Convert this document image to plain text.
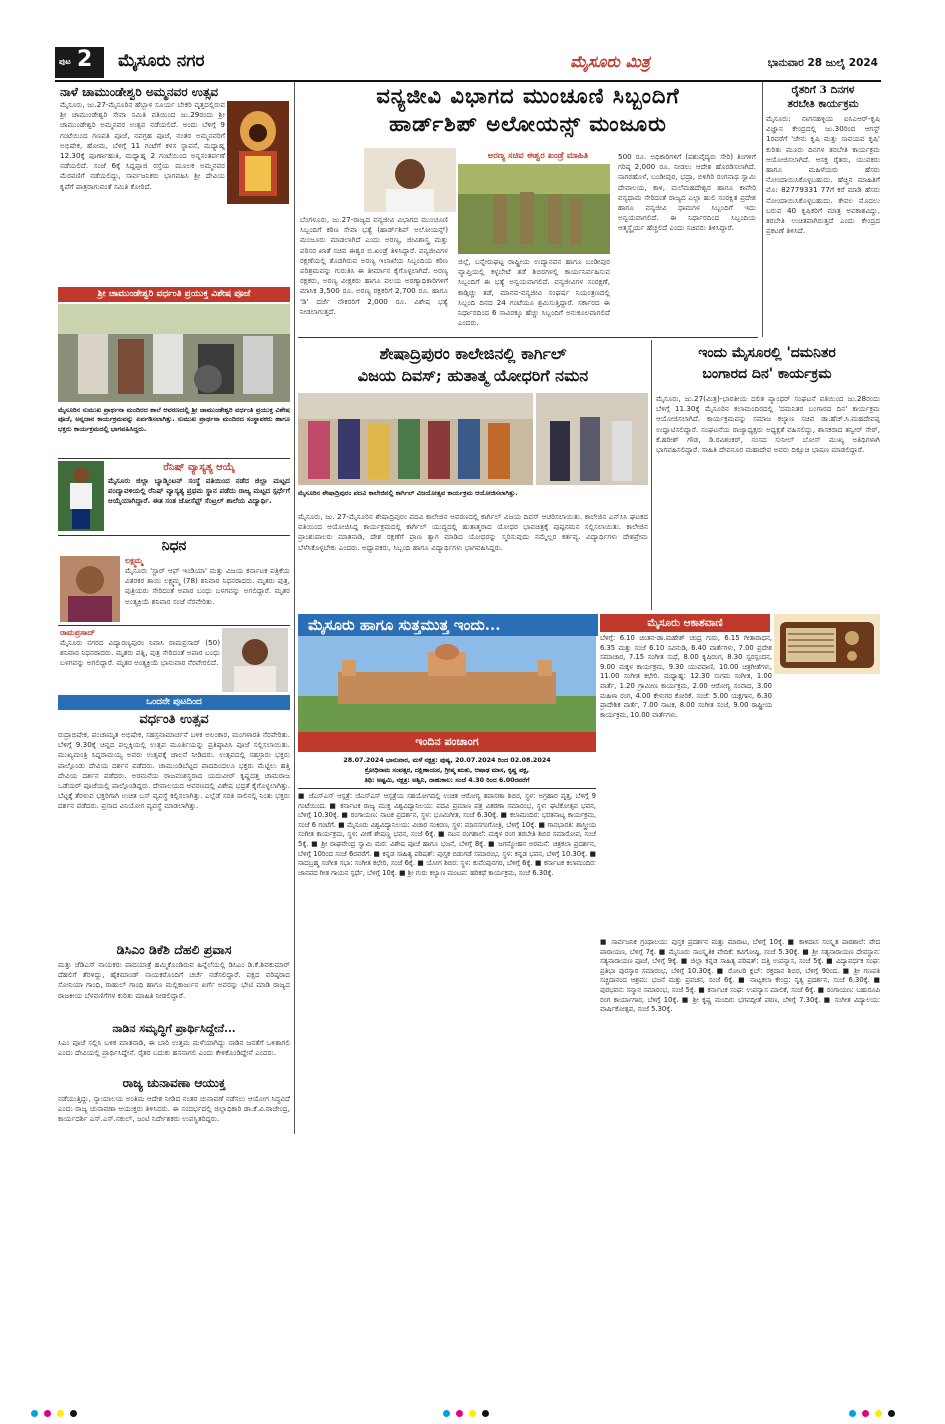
ಪುಟ 2 ಮೈಸೂರು ನಗರ	ಮೈಸೂರು ಮಿತ್ರ	ಭಾನುವಾರ 28 ಜುಲೈ 2024
ನಾಳೆ ಚಾಮುಂಡೇಶ್ವರಿ ಅಮ್ಮನವರ ಉತ್ಸವ
ಮೈಸೂರು, ಜು.27-ಮೈಸೂರಿನ ಹೆಬ್ಬಾಳ ಸೂರ್ಯ ಬೇಕರಿ ವೃತ್ತದಲ್ಲಿರುವ ಶ್ರೀ ಚಾಮುಂಡೇಶ್ವರಿ ಸೇವಾ ಸಮಿತಿ ವತಿಯಿಂದ ಜು.29ರಂದು ಶ್ರೀ ಚಾಮುಂಡೇಶ್ವರಿ ಅಮ್ಮನವರ ಉತ್ಸವ ನಡೆಯಲಿದೆ. ಅಂದು ಬೆಳಿಗ್ಗೆ 9 ಗಂಟೆಯಿಂದ ಗಣಪತಿ ಪೂಜೆ, ನವಗ್ರಹ ಪೂಜೆ, ನಂತರ ಅಮ್ಮನವರಿಗೆ ಅಭಿಷೇಕ, ಹೋಮ, ಬೆಳಿಗ್ಗೆ 11 ಗಂಟೆಗೆ ಕಳಸ ಸ್ಥಾಪನೆ, ಮಧ್ಯಾಹ್ನ 12.30ಕ್ಕೆ ಪೂರ್ಣಾಹುತಿ, ಮಧ್ಯಾಹ್ನ 2 ಗಂಟೆಯಿಂದ ಅನ್ನಸಂತರ್ಪಣೆ ನಡೆಯಲಿದೆ. ಸಂಜೆ 6ಕ್ಕೆ ಸಿದ್ದಪ್ಪಾಜಿ ರಸ್ತೆಯ ಮೂಲಕ ಅಮ್ಮನವರ ಮೆರವಣಿಗೆ ನಡೆಯಲಿದ್ದು, ಸಾರ್ವಜನಿಕರು ಭಾಗವಹಿಸಿ ಶ್ರೀ ದೇವಿಯ ಕೃಪೆಗೆ ಪಾತ್ರರಾಗುವಂತೆ ಸಮಿತಿ ಕೋರಿದೆ.
ಶ್ರೀ ಚಾಮುಂಡೇಶ್ವರಿ ವರ್ಧಂತಿ ಪ್ರಯುಕ್ತ ವಿಶೇಷ ಪೂಜೆ
ಮೈಸೂರಿನ ಸುಮುಖ ಪ್ರಾರ್ಥನಾ ಮಂದಿರದ ಶಾಲೆ ಆವರಣದಲ್ಲಿ ಶ್ರೀ ಚಾಮುಂಡೇಶ್ವರಿ ವರ್ಧಂತಿ ಪ್ರಯುಕ್ತ ವಿಶೇಷ ಪೂಜೆ, ಅನ್ನದಾನ ಕಾರ್ಯಕ್ರಮವನ್ನು ಏರ್ಪಡಿಸಲಾಗಿತ್ತು. ಸುಮುಖ ಪ್ರಾರ್ಥನಾ ಮಂದಿರದ ಸಂಸ್ಥಾಪಕರು ಹಾಗೂ ಭಕ್ತರು ಕಾರ್ಯಕ್ರಮದಲ್ಲಿ ಭಾಗವಹಿಸಿದ್ದರು.
ರೆನಿಷ್ ವ್ಯಾಸ್ಯತ್ಯ ಆಯ್ಕೆ
ಮೈಸೂರು ಜಿಲ್ಲಾ ಬ್ಯಾಡ್ಮಿಂಟನ್ ಸಂಸ್ಥೆ ವತಿಯಿಂದ ನಡೆದ ಜಿಲ್ಲಾ ಮಟ್ಟದ ಪಂದ್ಯಾವಳಿಯಲ್ಲಿ ರೆನಿಷ್ ವ್ಯಾಸ್ಯತ್ಯ ಪ್ರಥಮ ಸ್ಥಾನ ಪಡೆದು ರಾಜ್ಯ ಮಟ್ಟದ ಸ್ಪರ್ಧೆಗೆ ಆಯ್ಕೆಯಾಗಿದ್ದಾರೆ. ಈತ ಸಂತ ಜೋಸೆಫ್ಸ್ ಸೆಂಟ್ರಲ್ ಶಾಲೆಯ ವಿದ್ಯಾರ್ಥಿ.
ನಿಧನ
ಲಕ್ಷ್ಮಮ್ಮ
ಮೈಸೂರು 'ಸ್ಟಾರ್ ಆಫ್ ಇಂಡಿಯಾ' ಮತ್ತು ವಿಜಯ ಕರ್ನಾಟಕ ಪತ್ರಿಕೆಯ ವಿತರಕರ ತಾಯಿ ಲಕ್ಷ್ಮಮ್ಮ (78) ಶನಿವಾರ ನಿಧನರಾದರು. ಮೃತರು ಪುತ್ರ, ಪುತ್ರಿಯರು ಸೇರಿದಂತೆ ಅಪಾರ ಬಂಧು ಬಳಗವನ್ನು ಅಗಲಿದ್ದಾರೆ. ಮೃತರ ಅಂತ್ಯಕ್ರಿಯೆ ಶನಿವಾರ ಸಂಜೆ ನೆರವೇರಿತು.
ರಾಮಪ್ರಸಾದ್
ಮೈಸೂರು ನಗರದ ವಿದ್ಯಾರಣ್ಯಪುರಂ ನಿವಾಸಿ ರಾಮಪ್ರಸಾದ್ (50) ಶನಿವಾರ ನಿಧನರಾದರು. ಮೃತರು ಪತ್ನಿ, ಪುತ್ರ ಸೇರಿದಂತೆ ಅಪಾರ ಬಂಧು ಬಳಗವನ್ನು ಅಗಲಿದ್ದಾರೆ. ಮೃತರ ಅಂತ್ಯಕ್ರಿಯೆ ಭಾನುವಾರ ನೆರವೇರಲಿದೆ.
ಒಂದನೇ ಪುಟದಿಂದ
ವರ್ಧಂತಿ ಉತ್ಸವ
ರುದ್ರಾಭಿಷೇಕ, ಪಂಚಾಮೃತ ಅಭಿಷೇಕ, ಸಹಸ್ರನಾಮಾರ್ಚನೆ ಬಳಿಕ ಅಲಂಕಾರ, ಮಂಗಳಾರತಿ ನೆರವೇರಿತು. ಬೆಳಿಗ್ಗೆ 9.30ಕ್ಕೆ ಚಿನ್ನದ ಪಲ್ಲಕ್ಕಿಯಲ್ಲಿ ಉತ್ಸವ ಮೂರ್ತಿಯನ್ನು ಪ್ರತಿಷ್ಠಾಪಿಸಿ ಪೂಜೆ ಸಲ್ಲಿಸಲಾಯಿತು. ಮುಖ್ಯಮಂತ್ರಿ ಸಿದ್ದರಾಮಯ್ಯ ಅವರು ಉತ್ಸವಕ್ಕೆ ಚಾಲನೆ ನೀಡಿದರು. ಉತ್ಸವದಲ್ಲಿ ಸಹಸ್ರಾರು ಭಕ್ತರು ಪಾಲ್ಗೊಂಡು ದೇವಿಯ ದರ್ಶನ ಪಡೆದರು. ಚಾಮುಂಡಿಬೆಟ್ಟದ ಪಾದದಿಂದಲೂ ಭಕ್ತರು ಮೆಟ್ಟಿಲು ಹತ್ತಿ ದೇವಿಯ ದರ್ಶನ ಪಡೆದರು. ಅರಮನೆಯ ರಾಜವಂಶಸ್ಥರಾದ ಯದುವೀರ್ ಕೃಷ್ಣದತ್ತ ಚಾಮರಾಜ ಒಡೆಯರ್ ಪೂಜೆಯಲ್ಲಿ ಪಾಲ್ಗೊಂಡಿದ್ದರು. ದೇವಾಲಯದ ಆವರಣದಲ್ಲಿ ವಿಶೇಷ ಭದ್ರತೆ ಕೈಗೊಳ್ಳಲಾಗಿತ್ತು. ಬೆಟ್ಟಕ್ಕೆ ತೆರಳುವ ಭಕ್ತರಿಗಾಗಿ ಉಚಿತ ಬಸ್ ವ್ಯವಸ್ಥೆ ಕಲ್ಪಿಸಲಾಗಿತ್ತು. ಎಲ್ಲೆಡೆ ಸರತಿ ಸಾಲಿನಲ್ಲಿ ನಿಂತು ಭಕ್ತರು ದರ್ಶನ ಪಡೆದರು. ಪ್ರಸಾದ ವಿನಿಯೋಗ ವ್ಯವಸ್ಥೆ ಮಾಡಲಾಗಿತ್ತು.
ಡಿಸಿಎಂ ಡಿಕೆಶಿ ದೆಹಲಿ ಪ್ರವಾಸ
ಮತ್ತು ಜೆಡಿಎಸ್ ನಾಯಕರು ಪಾದಯಾತ್ರೆ ಹಮ್ಮಿಕೊಂಡಿರುವ ಹಿನ್ನೆಲೆಯಲ್ಲಿ ಡಿಸಿಎಂ ಡಿ.ಕೆ.ಶಿವಕುಮಾರ್ ದೆಹಲಿಗೆ ತೆರಳಿದ್ದು, ಹೈಕಮಾಂಡ್ ನಾಯಕರೊಂದಿಗೆ ಚರ್ಚೆ ನಡೆಸಲಿದ್ದಾರೆ. ಪಕ್ಷದ ವರಿಷ್ಠರಾದ ಸೋನಿಯಾ ಗಾಂಧಿ, ರಾಹುಲ್ ಗಾಂಧಿ ಹಾಗೂ ಮಲ್ಲಿಕಾರ್ಜುನ ಖರ್ಗೆ ಅವರನ್ನು ಭೇಟಿ ಮಾಡಿ ರಾಜ್ಯದ ರಾಜಕೀಯ ಬೆಳವಣಿಗೆಗಳ ಕುರಿತು ಮಾಹಿತಿ ನೀಡಲಿದ್ದಾರೆ.
ನಾಡಿನ ಸಮೃದ್ಧಿಗೆ ಪ್ರಾರ್ಥಿಸಿದ್ದೇನೆ...
ಸಿಎಂ ಪೂಜೆ ಸಲ್ಲಿಸಿ ಬಳಿಕ ಮಾತನಾಡಿ, ಈ ಬಾರಿ ಉತ್ತಮ ಮಳೆಯಾಗಿದ್ದು ನಾಡಿನ ಜನತೆಗೆ ಒಳಿತಾಗಲಿ ಎಂದು ದೇವಿಯಲ್ಲಿ ಪ್ರಾರ್ಥಿಸಿದ್ದೇನೆ. ರೈತರ ಬದುಕು ಹಸನಾಗಲಿ ಎಂದು ಕೇಳಿಕೊಂಡಿದ್ದೇನೆ ಎಂದರು.
ರಾಜ್ಯ ಚುನಾವಣಾ ಆಯುಕ್ತ
ನಡೆಯುತ್ತಿದ್ದು, ನ್ಯಾಯಾಲಯ ಅಂತಿಮ ಆದೇಶ ನೀಡಿದ ನಂತರ ಚುನಾವಣೆ ನಡೆಸಲು ಆಯೋಗ ಸಿದ್ಧವಿದೆ ಎಂದು ರಾಜ್ಯ ಚುನಾವಣಾ ಆಯುಕ್ತರು ತಿಳಿಸಿದರು. ಈ ಸಂದರ್ಭದಲ್ಲಿ ಜಿಲ್ಲಾಧಿಕಾರಿ ಡಾ.ಕೆ.ವಿ.ರಾಜೇಂದ್ರ, ಕಾರ್ಯದರ್ಶಿ ಎಸ್.ಎಸ್.ನಕುಲ್, ಜಂಟಿ ನಿರ್ದೇಶಕರು ಉಪಸ್ಥಿತರಿದ್ದರು.
ವನ್ಯಜೀವಿ ವಿಭಾಗದ ಮುಂಚೂಣಿ ಸಿಬ್ಬಂದಿಗೆ
ಹಾರ್ಡ್‌ಶಿಪ್ ಅಲೋಯನ್ಸ್ ಮಂಜೂರು
ಅರಣ್ಯ ಸಚಿವ ಈಶ್ವರ ಖಂಡ್ರೆ ಮಾಹಿತಿ
ಬೆಂಗಳೂರು, ಜು.27-ರಾಜ್ಯದ ವನ್ಯಜೀವಿ ವಿಭಾಗದ ಮುಂಚೂಣಿ ಸಿಬ್ಬಂದಿಗೆ ಕಠಿಣ ಸೇವಾ ಭತ್ಯೆ (ಹಾರ್ಡ್‌ಶಿಪ್ ಅಲೋಯನ್ಸ್) ಮಂಜೂರು ಮಾಡಲಾಗಿದೆ ಎಂದು ಅರಣ್ಯ, ಜೀವಿಶಾಸ್ತ್ರ ಮತ್ತು ಪರಿಸರ ಖಾತೆ ಸಚಿವ ಈಶ್ವರ ಬಿ.ಖಂಡ್ರೆ ತಿಳಿಸಿದ್ದಾರೆ. ವನ್ಯಜೀವಿಗಳ ರಕ್ಷಣೆಯಲ್ಲಿ ತೊಡಗಿರುವ ಅರಣ್ಯ ಇಲಾಖೆಯ ಸಿಬ್ಬಂದಿಯ ಕಠಿಣ ಪರಿಶ್ರಮವನ್ನು ಗುರುತಿಸಿ ಈ ತೀರ್ಮಾನ ಕೈಗೊಳ್ಳಲಾಗಿದೆ. ಅರಣ್ಯ ರಕ್ಷಕರು, ಅರಣ್ಯ ವೀಕ್ಷಕರು ಹಾಗೂ ವಲಯ ಅರಣ್ಯಾಧಿಕಾರಿಗಳಿಗೆ ಮಾಸಿಕ 3,500 ರೂ. ಅರಣ್ಯ ರಕ್ಷಕರಿಗೆ 2,700 ರೂ. ಹಾಗೂ 'ಡಿ' ದರ್ಜೆ ನೌಕರರಿಗೆ 2,000 ರೂ. ವಿಶೇಷ ಭತ್ಯೆ ನೀಡಲಾಗುತ್ತದೆ.
ಜಿಲ್ಲೆ, ಬನ್ನೇರುಘಟ್ಟ ರಾಷ್ಟ್ರೀಯ ಉದ್ಯಾನವನ ಹಾಗೂ ಬಂಡೀಪುರ ವ್ಯಾಪ್ತಿಯಲ್ಲಿ ಕಳ್ಳಬೇಟೆ ತಡೆ ಶಿಬಿರಗಳಲ್ಲಿ ಕಾರ್ಯನಿರ್ವಹಿಸುವ ಸಿಬ್ಬಂದಿಗೆ ಈ ಭತ್ಯೆ ಅನ್ವಯವಾಗಲಿದೆ. ವನ್ಯಜೀವಿಗಳ ಸಂರಕ್ಷಣೆ, ಕಾಡ್ಗಿಚ್ಚು ತಡೆ, ಮಾನವ-ವನ್ಯಜೀವಿ ಸಂಘರ್ಷ ನಿಯಂತ್ರಣದಲ್ಲಿ ಸಿಬ್ಬಂದಿ ದಿನದ 24 ಗಂಟೆಯೂ ಶ್ರಮಿಸುತ್ತಿದ್ದಾರೆ. ಸರ್ಕಾರದ ಈ ನಿರ್ಧಾರದಿಂದ 6 ಸಾವಿರಕ್ಕೂ ಹೆಚ್ಚು ಸಿಬ್ಬಂದಿಗೆ ಅನುಕೂಲವಾಗಲಿದೆ ಎಂದರು.
500 ರೂ. ಅಧಿಕಾರಿಗಳಿಗೆ (ಪಶುವೈದ್ಯರು ಸೇರಿ) ತಿಂಗಳಿಗೆ ಗರಿಷ್ಠ 2,000 ರೂ. ನೀಡಲು ಆದೇಶ ಹೊರಡಿಸಲಾಗಿದೆ. ನಾಗರಹೊಳೆ, ಬಂಡೀಪುರ, ಭದ್ರಾ, ಬಿಳಿಗಿರಿ ರಂಗನಾಥ ಸ್ವಾಮಿ ದೇವಾಲಯ, ಕಾಳಿ, ಮಲೆಮಹದೇಶ್ವರ ಹಾಗೂ ಕಾವೇರಿ ವನ್ಯಧಾಮ ಸೇರಿದಂತೆ ರಾಜ್ಯದ ಎಲ್ಲಾ ಹುಲಿ ಸಂರಕ್ಷಿತ ಪ್ರದೇಶ ಹಾಗೂ ವನ್ಯಜೀವಿ ಧಾಮಗಳ ಸಿಬ್ಬಂದಿಗೆ ಇದು ಅನ್ವಯವಾಗಲಿದೆ. ಈ ನಿರ್ಧಾರದಿಂದ ಸಿಬ್ಬಂದಿಯ ಆತ್ಮಸ್ಥೈರ್ಯ ಹೆಚ್ಚಲಿದೆ ಎಂದು ಸಚಿವರು ತಿಳಿಸಿದ್ದಾರೆ.
ಶೇಷಾದ್ರಿಪುರಂ ಕಾಲೇಜಿನಲ್ಲಿ ಕಾರ್ಗಿಲ್
ವಿಜಯ ದಿವಸ್; ಹುತಾತ್ಮ ಯೋಧರಿಗೆ ನಮನ
ಮೈಸೂರಿನ ಶೇಷಾದ್ರಿಪುರಂ ಪದವಿ ಕಾಲೇಜಿನಲ್ಲಿ ಕಾರ್ಗಿಲ್ ವಿಜಯೋತ್ಸವ ಕಾರ್ಯಕ್ರಮ ಆಯೋಜಿಸಲಾಗಿತ್ತು.
ಮೈಸೂರು, ಜು. 27-ಮೈಸೂರಿನ ಶೇಷಾದ್ರಿಪುರಂ ಪದವಿ ಕಾಲೇಜಿನ ಆವರಣದಲ್ಲಿ ಕಾರ್ಗಿಲ್ ವಿಜಯ ದಿವಸ್ ಆಚರಿಸಲಾಯಿತು. ಕಾಲೇಜಿನ ಎನ್‌ಸಿಸಿ ಘಟಕದ ವತಿಯಿಂದ ಆಯೋಜಿಸಿದ್ದ ಕಾರ್ಯಕ್ರಮದಲ್ಲಿ ಕಾರ್ಗಿಲ್ ಯುದ್ಧದಲ್ಲಿ ಹುತಾತ್ಮರಾದ ಯೋಧರ ಭಾವಚಿತ್ರಕ್ಕೆ ಪುಷ್ಪನಮನ ಸಲ್ಲಿಸಲಾಯಿತು. ಕಾಲೇಜಿನ ಪ್ರಾಂಶುಪಾಲರು ಮಾತನಾಡಿ, ದೇಶ ರಕ್ಷಣೆಗೆ ಪ್ರಾಣ ತ್ಯಾಗ ಮಾಡಿದ ಯೋಧರನ್ನು ಸ್ಮರಿಸುವುದು ನಮ್ಮೆಲ್ಲರ ಕರ್ತವ್ಯ. ವಿದ್ಯಾರ್ಥಿಗಳು ದೇಶಪ್ರೇಮ ಬೆಳೆಸಿಕೊಳ್ಳಬೇಕು ಎಂದರು. ಅಧ್ಯಾಪಕರು, ಸಿಬ್ಬಂದಿ ಹಾಗೂ ವಿದ್ಯಾರ್ಥಿಗಳು ಭಾಗವಹಿಸಿದ್ದರು.
ರೈತರಿಗೆ 3 ದಿನಗಳ
ತರಬೇತಿ ಕಾರ್ಯಕ್ರಮ
ಮೈಸೂರು: ನಾಗನಹಳ್ಳಿಯ ಐಸಿಎಆರ್-ಕೃಷಿ ವಿಜ್ಞಾನ ಕೇಂದ್ರದಲ್ಲಿ ಜು.30ರಿಂದ ಆಗಸ್ಟ್ 1ರವರೆಗೆ 'ಜೇನು ಕೃಷಿ ಮತ್ತು ಸಾವಯವ ಕೃಷಿ' ಕುರಿತು ಮೂರು ದಿನಗಳ ತರಬೇತಿ ಕಾರ್ಯಕ್ರಮ ಆಯೋಜಿಸಲಾಗಿದೆ. ಆಸಕ್ತ ರೈತರು, ಯುವಕರು ಹಾಗೂ ಮಹಿಳೆಯರು ಹೆಸರು ನೋಂದಾಯಿಸಿಕೊಳ್ಳಬಹುದು. ಹೆಚ್ಚಿನ ಮಾಹಿತಿಗೆ ಮೊ: 82779331 77ಗೆ ಕರೆ ಮಾಡಿ ಹೆಸರು ನೋಂದಾಯಿಸಿಕೊಳ್ಳಬಹುದು. ಕೇವಲ ಮೊದಲು ಬರುವ 40 ಕೃಷಿಕರಿಗೆ ಮಾತ್ರ ಅವಕಾಶವಿದ್ದು, ತರಬೇತಿ ಉಚಿತವಾಗಿರುತ್ತದೆ ಎಂದು ಕೇಂದ್ರದ ಪ್ರಕಟಣೆ ತಿಳಿಸಿದೆ.
ಇಂದು ಮೈಸೂರಲ್ಲಿ 'ದಮನಿತರ
ಬಂಗಾರದ ದಿನ' ಕಾರ್ಯಕ್ರಮ
ಮೈಸೂರು, ಜು.27(ಮಿತ್ರ)-ಭಾರತೀಯ ದಲಿತ ಪ್ಯಾಂಥರ್ ಸಂಘಟನೆ ವತಿಯಿಂದ ಜು.28ರಂದು ಬೆಳಿಗ್ಗೆ 11.30ಕ್ಕೆ ಮೈಸೂರಿನ ಕಲಾಮಂದಿರದಲ್ಲಿ 'ದಮನಿತರ ಬಂಗಾರದ ದಿನ' ಕಾರ್ಯಕ್ರಮ ಆಯೋಜಿಸಲಾಗಿದೆ. ಕಾರ್ಯಕ್ರಮವನ್ನು ಸಮಾಜ ಕಲ್ಯಾಣ ಸಚಿವ ಡಾ.ಹೆಚ್.ಸಿ.ಮಹದೇವಪ್ಪ ಉದ್ಘಾಟಿಸಲಿದ್ದಾರೆ. ಸಂಘಟನೆಯ ರಾಜ್ಯಾಧ್ಯಕ್ಷರು ಅಧ್ಯಕ್ಷತೆ ವಹಿಸಲಿದ್ದು, ಶಾಸಕರಾದ ತನ್ವೀರ್ ಸೇಠ್, ಕೆ.ಹರೀಶ್ ಗೌಡ, ಡಿ.ರವಿಶಂಕರ್, ಸಂಸದ ಸುನೀಲ್ ಬೋಸ್ ಮುಖ್ಯ ಅತಿಥಿಗಳಾಗಿ ಭಾಗವಹಿಸಲಿದ್ದಾರೆ. ಸಾಹಿತಿ ದೇವನೂರ ಮಹಾದೇವ ಅವರು ದಿಕ್ಸೂಚಿ ಭಾಷಣ ಮಾಡಲಿದ್ದಾರೆ.
ಮೈಸೂರು ಹಾಗೂ ಸುತ್ತಮುತ್ತ ಇಂದು...
ಇಂದಿನ ಪಂಚಾಂಗ
28.07.2024 ಭಾನುವಾರ, ಮಳೆ ನಕ್ಷತ್ರ: ಪುಷ್ಯ, 20.07.2024 ರಿಂದ 02.08.2024
ಕ್ರೋಧಿನಾಮ ಸಂವತ್ಸರ, ದಕ್ಷಿಣಾಯನ, ಗ್ರೀಷ್ಮ ಋತು, ಆಷಾಢ ಮಾಸ, ಕೃಷ್ಣ ಪಕ್ಷ,
ತಿಥಿ: ಅಷ್ಟಮಿ, ನಕ್ಷತ್ರ: ಅಶ್ವಿನಿ, ರಾಹುಕಾಲ: ಸಂಜೆ 4.30 ರಿಂದ 6.00ರವರೆಗೆ
■ ಜೆಎಸ್‌ಎಸ್ ಆಸ್ಪತ್ರೆ: ಜೆಎಸ್‌ಎಸ್ ಆಸ್ಪತ್ರೆಯ ಸಹಯೋಗದಲ್ಲಿ ಉಚಿತ ಆರೋಗ್ಯ ತಪಾಸಣಾ ಶಿಬಿರ, ಸ್ಥಳ: ಅಗ್ರಹಾರ ವೃತ್ತ, ಬೆಳಿಗ್ಗೆ 9 ಗಂಟೆಯಿಂದ. ■ ಕರ್ನಾಟಕ ರಾಜ್ಯ ಮುಕ್ತ ವಿಶ್ವವಿದ್ಯಾನಿಲಯ: ಪದವಿ ಪ್ರಮಾಣ ಪತ್ರ ವಿತರಣಾ ಸಮಾರಂಭ, ಸ್ಥಳ: ಘಟಿಕೋತ್ಸವ ಭವನ, ಬೆಳಿಗ್ಗೆ 10.30ಕ್ಕೆ. ■ ರಂಗಾಯಣ: ನಾಟಕ ಪ್ರದರ್ಶನ, ಸ್ಥಳ: ಭೂಮಿಗೀತ, ಸಂಜೆ 6.30ಕ್ಕೆ. ■ ಕಲಾಮಂದಿರ: ಭರತನಾಟ್ಯ ಕಾರ್ಯಕ್ರಮ, ಸಂಜೆ 6 ಗಂಟೆಗೆ. ■ ಮೈಸೂರು ವಿಶ್ವವಿದ್ಯಾನಿಲಯ: ವಿಚಾರ ಸಂಕಿರಣ, ಸ್ಥಳ: ಮಾನಸಗಂಗೋತ್ರಿ, ಬೆಳಿಗ್ಗೆ 10ಕ್ಕೆ. ■ ಗಾನಭಾರತಿ: ಶಾಸ್ತ್ರೀಯ ಸಂಗೀತ ಕಾರ್ಯಕ್ರಮ, ಸ್ಥಳ: ವೀಣೆ ಶೇಷಣ್ಣ ಭವನ, ಸಂಜೆ 6ಕ್ಕೆ. ■ ನಟನ ರಂಗಶಾಲೆ: ಮಕ್ಕಳ ರಂಗ ತರಬೇತಿ ಶಿಬಿರ ಸಮಾರೋಪ, ಸಂಜೆ 5ಕ್ಕೆ. ■ ಶ್ರೀ ರಾಘವೇಂದ್ರ ಸ್ವಾಮಿ ಮಠ: ವಿಶೇಷ ಪೂಜೆ ಹಾಗೂ ಭಜನೆ, ಬೆಳಿಗ್ಗೆ 8ಕ್ಕೆ. ■ ಜಗನ್ಮೋಹನ ಅರಮನೆ: ಚಿತ್ರಕಲಾ ಪ್ರದರ್ಶನ, ಬೆಳಿಗ್ಗೆ 10ರಿಂದ ಸಂಜೆ 6ರವರೆಗೆ. ■ ಕನ್ನಡ ಸಾಹಿತ್ಯ ಪರಿಷತ್: ಪುಸ್ತಕ ಬಿಡುಗಡೆ ಸಮಾರಂಭ, ಸ್ಥಳ: ಕನ್ನಡ ಭವನ, ಬೆಳಿಗ್ಗೆ 10.30ಕ್ಕೆ. ■ ನಾದಬ್ರಹ್ಮ ಸಂಗೀತ ಸಭಾ: ಸಂಗೀತ ಕಛೇರಿ, ಸಂಜೆ 6ಕ್ಕೆ. ■ ಯೋಗ ಶಿಬಿರ: ಸ್ಥಳ: ಕುವೆಂಪುನಗರ, ಬೆಳಿಗ್ಗೆ 6ಕ್ಕೆ. ■ ಕರ್ನಾಟಕ ಕಲಾಮಂದಿರ: ಜಾನಪದ ಗೀತ ಗಾಯನ ಸ್ಪರ್ಧೆ, ಬೆಳಿಗ್ಗೆ 10ಕ್ಕೆ. ■ ಶ್ರೀ ಗುರು ಕಲ್ಯಾಣ ಮಂಟಪ: ಹರಿಕಥೆ ಕಾರ್ಯಕ್ರಮ, ಸಂಜೆ 6.30ಕ್ಕೆ.
ಮೈಸೂರು ಆಕಾಶವಾಣಿ
ಬೆಳಿಗ್ಗೆ: 6.10 ಚಿಂತನ-ಡಾ.ಮಹೇಶ್ ಚಂದ್ರ ಗುರು, 6.15 ಗೀತಾರಾಧನ, 6.35 ಮತ್ತು ಸಂಜೆ 6.10 ಸವಿನುಡಿ, 6.40 ವಾರ್ತೆಗಳು, 7.00 ಪ್ರದೇಶ ಸಮಾಚಾರ, 7.15 ಸಂಗೀತ ಸುಧೆ, 8.00 ಕೃಷಿರಂಗ, 8.30 ಸ್ವರಸ್ಪಂದನ, 9.00 ಮಕ್ಕಳ ಕಾರ್ಯಕ್ರಮ, 9.30 ಯುವವಾಣಿ, 10.00 ಚಿತ್ರಗೀತೆಗಳು, 11.00 ಸಂಗೀತ ಕಛೇರಿ. ಮಧ್ಯಾಹ್ನ: 12.30 ಸುಗಮ ಸಂಗೀತ, 1.00 ವಾರ್ತೆ, 1.20 ಗ್ರಾಮೀಣ ಕಾರ್ಯಕ್ರಮ, 2.00 ಆರೋಗ್ಯ ಸಂವಾದ, 3.00 ಮಹಿಳಾ ರಂಗ, 4.00 ಕೇಳುಗರ ಕೋರಿಕೆ. ಸಂಜೆ: 5.00 ಯಕ್ಷಗಾನ, 6.30 ಪ್ರಾದೇಶಿಕ ವಾರ್ತೆ, 7.00 ನಾಟಕ, 8.00 ಸಂಗೀತ ಸಂಜೆ, 9.00 ರಾಷ್ಟ್ರೀಯ ಕಾರ್ಯಕ್ರಮ, 10.00 ವಾರ್ತೆಗಳು.
■ ಸಾರ್ವಜನಿಕ ಗ್ರಂಥಾಲಯ: ಪುಸ್ತಕ ಪ್ರದರ್ಶನ ಮತ್ತು ಮಾರಾಟ, ಬೆಳಿಗ್ಗೆ 10ಕ್ಕೆ. ■ ಕಾಳಿದಾಸ ಸಂಸ್ಕೃತ ಪಾಠಶಾಲೆ: ವೇದ ಪಾರಾಯಣ, ಬೆಳಿಗ್ಗೆ 7ಕ್ಕೆ. ■ ಮೈಸೂರು ಸಾಂಸ್ಕೃತಿಕ ವೇದಿಕೆ: ಕವಿಗೋಷ್ಠಿ, ಸಂಜೆ 5.30ಕ್ಕೆ. ■ ಶ್ರೀ ಸತ್ಯನಾರಾಯಣ ದೇವಸ್ಥಾನ: ಸತ್ಯನಾರಾಯಣ ಪೂಜೆ, ಬೆಳಿಗ್ಗೆ 9ಕ್ಕೆ. ■ ಜಿಲ್ಲಾ ಕನ್ನಡ ಸಾಹಿತ್ಯ ಪರಿಷತ್: ದತ್ತಿ ಉಪನ್ಯಾಸ, ಸಂಜೆ 5ಕ್ಕೆ. ■ ವಿದ್ಯಾವರ್ಧಕ ಸಂಘ: ಪ್ರತಿಭಾ ಪುರಸ್ಕಾರ ಸಮಾರಂಭ, ಬೆಳಿಗ್ಗೆ 10.30ಕ್ಕೆ. ■ ರೋಟರಿ ಕ್ಲಬ್: ರಕ್ತದಾನ ಶಿಬಿರ, ಬೆಳಿಗ್ಗೆ 9ರಿಂದ. ■ ಶ್ರೀ ಗಣಪತಿ ಸಚ್ಚಿದಾನಂದ ಆಶ್ರಮ: ಭಜನೆ ಮತ್ತು ಪ್ರವಚನ, ಸಂಜೆ 6ಕ್ಕೆ. ■ ನಾಟ್ಯಕಲಾ ಕೇಂದ್ರ: ನೃತ್ಯ ಪ್ರದರ್ಶನ, ಸಂಜೆ 6.30ಕ್ಕೆ. ■ ಪುರಭವನ: ಸನ್ಮಾನ ಸಮಾರಂಭ, ಸಂಜೆ 5ಕ್ಕೆ. ■ ಕರ್ನಾಟಕ ಸಂಘ: ಉಪನ್ಯಾಸ ಮಾಲಿಕೆ, ಸಂಜೆ 6ಕ್ಕೆ. ■ ರಂಗಾಯಣ: ಬಹುರೂಪಿ ರಂಗ ಕಾರ್ಯಾಗಾರ, ಬೆಳಿಗ್ಗೆ 10ಕ್ಕೆ. ■ ಶ್ರೀ ಕೃಷ್ಣ ಮಂದಿರ: ಭಗವದ್ಗೀತೆ ಪಠಣ, ಬೆಳಿಗ್ಗೆ 7.30ಕ್ಕೆ. ■ ಸಂಗೀತ ವಿದ್ಯಾಲಯ: ವಾರ್ಷಿಕೋತ್ಸವ, ಸಂಜೆ 5.30ಕ್ಕೆ.
